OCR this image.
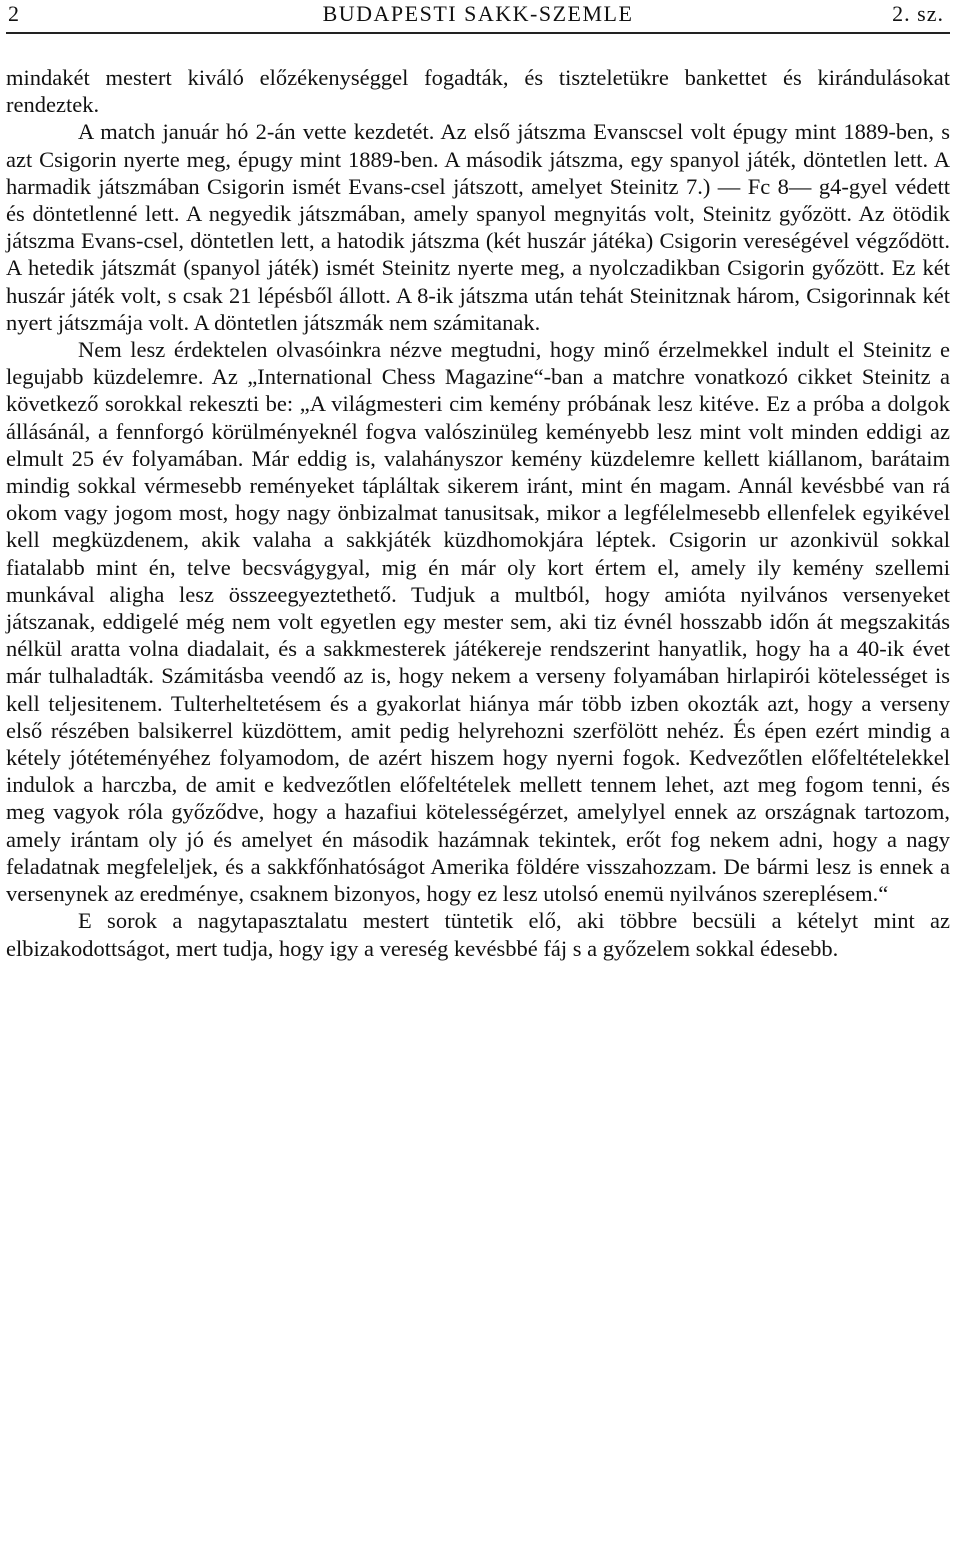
2	BUDAPESTI SAKK-SZEMLE	2. sz.

mindakét mestert kiváló előzékenységgel fogadták, és tiszteletükre bankettet és kirándulásokat rendeztek.

A match január hó 2-án vette kezdetét. Az első játszma Evanscsel volt épugy mint 1889-ben, s azt Csigorin nyerte meg, épugy mint 1889-ben. A második játszma, egy spanyol játék, döntetlen lett. A harmadik játszmában Csigorin ismét Evans-csel játszott, amelyet Steinitz 7.) — Fc 8— g4-gyel védett és döntetlenné lett. A negyedik játszmában, amely spanyol megnyitás volt, Steinitz győzött. Az ötödik játszma Evans-csel, döntetlen lett, a hatodik játszma (két huszár játéka) Csigorin vereségével végződött. A hetedik játszmát (spanyol játék) ismét Steinitz nyerte meg, a nyolczadikban Csigorin győzött. Ez két huszár játék volt, s csak 21 lépésből állott. A 8-ik játszma után tehát Steinitznak három, Csigorinnak két nyert játszmája volt. A döntetlen játszmák nem számitanak.

Nem lesz érdektelen olvasóinkra nézve megtudni, hogy minő érzelmekkel indult el Steinitz e legujabb küzdelemre. Az „International Chess Magazine“-ban a matchre vonatkozó cikket Steinitz a következő sorokkal rekeszti be: „A világmesteri cim kemény próbának lesz kitéve. Ez a próba a dolgok állásánál, a fennforgó körülményeknél fogva valószinüleg keményebb lesz mint volt minden eddigi az elmult 25 év folyamában. Már eddig is, valahányszor kemény küzdelemre kellett kiállanom, barátaim mindig sokkal vérmesebb reményeket tápláltak sikerem iránt, mint én magam. Annál kevésbbé van rá okom vagy jogom most, hogy nagy önbizalmat tanusitsak, mikor a legfélelmesebb ellenfelek egyikével kell megküzdenem, akik valaha a sakkjáték küzdhomokjára léptek. Csigorin ur azonkivül sokkal fiatalabb mint én, telve becsvágygyal, mig én már oly kort értem el, amely ily kemény szellemi munkával aligha lesz összeegyeztethető. Tudjuk a multból, hogy amióta nyilvános versenyeket játszanak, eddigelé még nem volt egyetlen egy mester sem, aki tiz évnél hosszabb időn át megszakitás nélkül aratta volna diadalait, és a sakkmesterek játékereje rendszerint hanyatlik, hogy ha a 40-ik évet már tulhaladták. Számitásba veendő az is, hogy nekem a verseny folyamában hirlapirói kötelességet is kell teljesitenem. Tulterheltetésem és a gyakorlat hiánya már több izben okozták azt, hogy a verseny első részében balsikerrel küzdöttem, amit pedig helyrehozni szerfölött nehéz. És épen ezért mindig a kétely jótéteményéhez folyamodom, de azért hiszem hogy nyerni fogok. Kedvezőtlen előfeltételekkel indulok a harczba, de amit e kedvezőtlen előfeltételek mellett tennem lehet, azt meg fogom tenni, és meg vagyok róla győződve, hogy a hazafiui kötelességérzet, amelylyel ennek az országnak tartozom, amely irántam oly jó és amelyet én második hazámnak tekintek, erőt fog nekem adni, hogy a nagy feladatnak megfeleljek, és a sakkfőnhatóságot Amerika földére visszahozzam. De bármi lesz is ennek a versenynek az eredménye, csaknem bizonyos, hogy ez lesz utolsó enemü nyilvános szereplésem.“

E sorok a nagytapasztalatu mestert tüntetik elő, aki többre becsüli a kételyt mint az elbizakodottságot, mert tudja, hogy igy a vereség kevésbbé fáj s a győzelem sokkal édesebb.
